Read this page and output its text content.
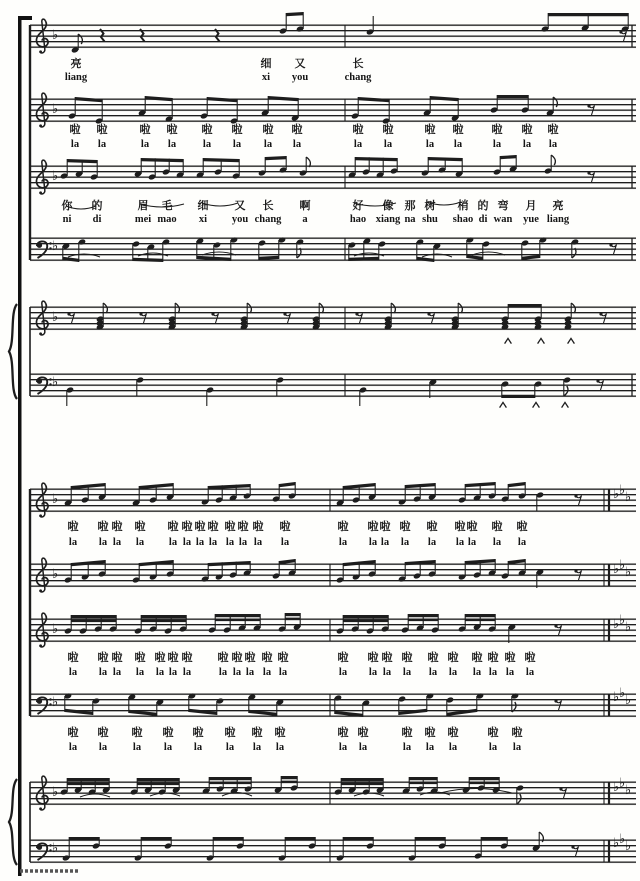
♭
亮
liang
细
xi
又
you
长
chang
♭
啦
la
啦
la
啦
la
啦
la
啦
la
啦
la
啦
la
啦
la
啦
la
啦
la
啦
la
啦
la
啦
la
啦
la
啦
la
♭
你
ni
的
di
眉
mei
毛
mao
细
xi
又
you
长
chang
啊
a
好
hao
像
xiang
那
na
树
shu
梢
shao
的
di
弯
wan
月
yue
亮
liang
♭
♭
♭
♭
啦
la
啦
la
啦
la
啦
la
啦
la
啦
la
啦
la
啦
la
啦
la
啦
la
啦
la
啦
la
啦
la
啦
la
啦
la
啦
la
啦
la
啦
la
啦
la
啦
la
啦
la
♭ ♭ ♭
♭	♭ ♭ ♭
♭
啦
la
啦
la
啦
la
啦
la
啦
la
啦
la
啦
la
啦
la
啦
la
啦
la
啦
la
啦
la
啦
la
啦
la
啦
la
啦
la
啦
la
啦
la
啦
la
啦
la
啦
la
啦
la
♭ ♭ ♭
♭
啦
la
啦
la
啦
la
啦
la
啦
la
啦
la
啦
la
啦
la
啦
la
啦
la
啦
la
啦
la
啦
la
啦
la
啦
la
♭ ♭ ♭
♭	♭ ♭ ♭
♭	♭ ♭ ♭
